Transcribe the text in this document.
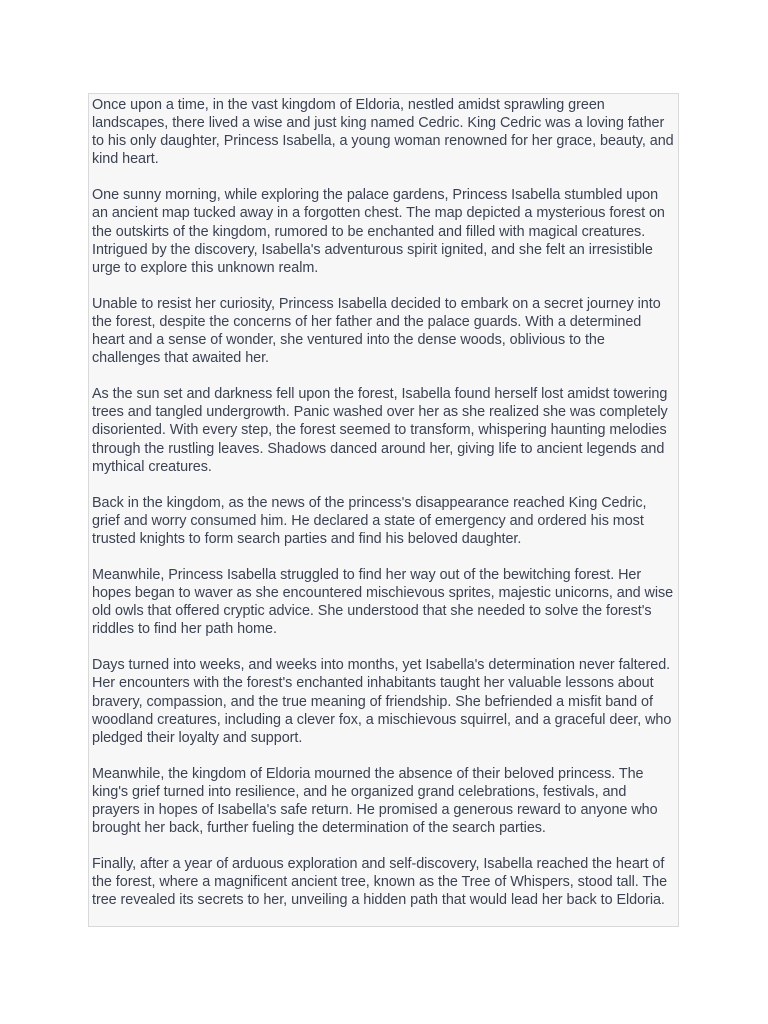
Once upon a time, in the vast kingdom of Eldoria, nestled amidst sprawling green landscapes, there lived a wise and just king named Cedric. King Cedric was a loving father to his only daughter, Princess Isabella, a young woman renowned for her grace, beauty, and kind heart.

One sunny morning, while exploring the palace gardens, Princess Isabella stumbled upon an ancient map tucked away in a forgotten chest. The map depicted a mysterious forest on the outskirts of the kingdom, rumored to be enchanted and filled with magical creatures. Intrigued by the discovery, Isabella's adventurous spirit ignited, and she felt an irresistible urge to explore this unknown realm.

Unable to resist her curiosity, Princess Isabella decided to embark on a secret journey into the forest, despite the concerns of her father and the palace guards. With a determined heart and a sense of wonder, she ventured into the dense woods, oblivious to the challenges that awaited her.

As the sun set and darkness fell upon the forest, Isabella found herself lost amidst towering trees and tangled undergrowth. Panic washed over her as she realized she was completely disoriented. With every step, the forest seemed to transform, whispering haunting melodies through the rustling leaves. Shadows danced around her, giving life to ancient legends and mythical creatures.

Back in the kingdom, as the news of the princess's disappearance reached King Cedric, grief and worry consumed him. He declared a state of emergency and ordered his most trusted knights to form search parties and find his beloved daughter.

Meanwhile, Princess Isabella struggled to find her way out of the bewitching forest. Her hopes began to waver as she encountered mischievous sprites, majestic unicorns, and wise old owls that offered cryptic advice. She understood that she needed to solve the forest's riddles to find her path home.

Days turned into weeks, and weeks into months, yet Isabella's determination never faltered. Her encounters with the forest's enchanted inhabitants taught her valuable lessons about bravery, compassion, and the true meaning of friendship. She befriended a misfit band of woodland creatures, including a clever fox, a mischievous squirrel, and a graceful deer, who pledged their loyalty and support.

Meanwhile, the kingdom of Eldoria mourned the absence of their beloved princess. The king's grief turned into resilience, and he organized grand celebrations, festivals, and prayers in hopes of Isabella's safe return. He promised a generous reward to anyone who brought her back, further fueling the determination of the search parties.

Finally, after a year of arduous exploration and self-discovery, Isabella reached the heart of the forest, where a magnificent ancient tree, known as the Tree of Whispers, stood tall. The tree revealed its secrets to her, unveiling a hidden path that would lead her back to Eldoria.
